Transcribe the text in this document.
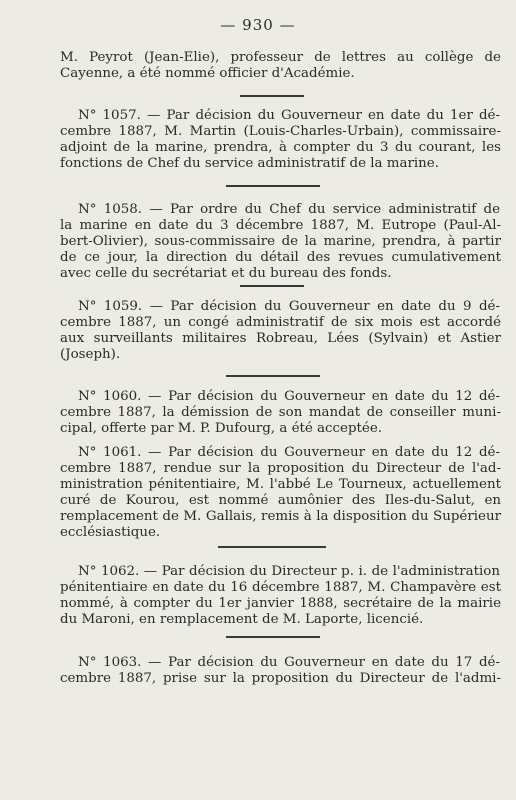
— 930 —
M. Peyrot (Jean-Elie), professeur de lettres au collège de
Cayenne, a été nommé officier d'Académie.
N° 1057. — Par décision du Gouverneur en date du 1er dé-
cembre 1887, M. Martin (Louis-Charles-Urbain), commissaire-
adjoint de la marine, prendra, à compter du 3 du courant, les
fonctions de Chef du service administratif de la marine.
N° 1058. — Par ordre du Chef du service administratif de
la marine en date du 3 décembre 1887, M. Eutrope (Paul-Al-
bert-Olivier), sous-commissaire de la marine, prendra, à partir
de ce jour, la direction du détail des revues cumulativement
avec celle du secrétariat et du bureau des fonds.
N° 1059. — Par décision du Gouverneur en date du 9 dé-
cembre 1887, un congé administratif de six mois est accordé
aux surveillants militaires Robreau, Lées (Sylvain) et Astier
(Joseph).
N° 1060. — Par décision du Gouverneur en date du 12 dé-
cembre 1887, la démission de son mandat de conseiller muni-
cipal, offerte par M. P. Dufourg, a été acceptée.
N° 1061. — Par décision du Gouverneur en date du 12 dé-
cembre 1887, rendue sur la proposition du Directeur de l'ad-
ministration pénitentiaire, M. l'abbé Le Tourneux, actuellement
curé de Kourou, est nommé aumônier des Iles-du-Salut, en
remplacement de M. Gallais, remis à la disposition du Supérieur
ecclésiastique.
N° 1062. — Par décision du Directeur p. i. de l'administration
pénitentiaire en date du 16 décembre 1887, M. Champavère est
nommé, à compter du 1er janvier 1888, secrétaire de la mairie
du Maroni, en remplacement de M. Laporte, licencié.
N° 1063. — Par décision du Gouverneur en date du 17 dé-
cembre 1887, prise sur la proposition du Directeur de l'admi-
